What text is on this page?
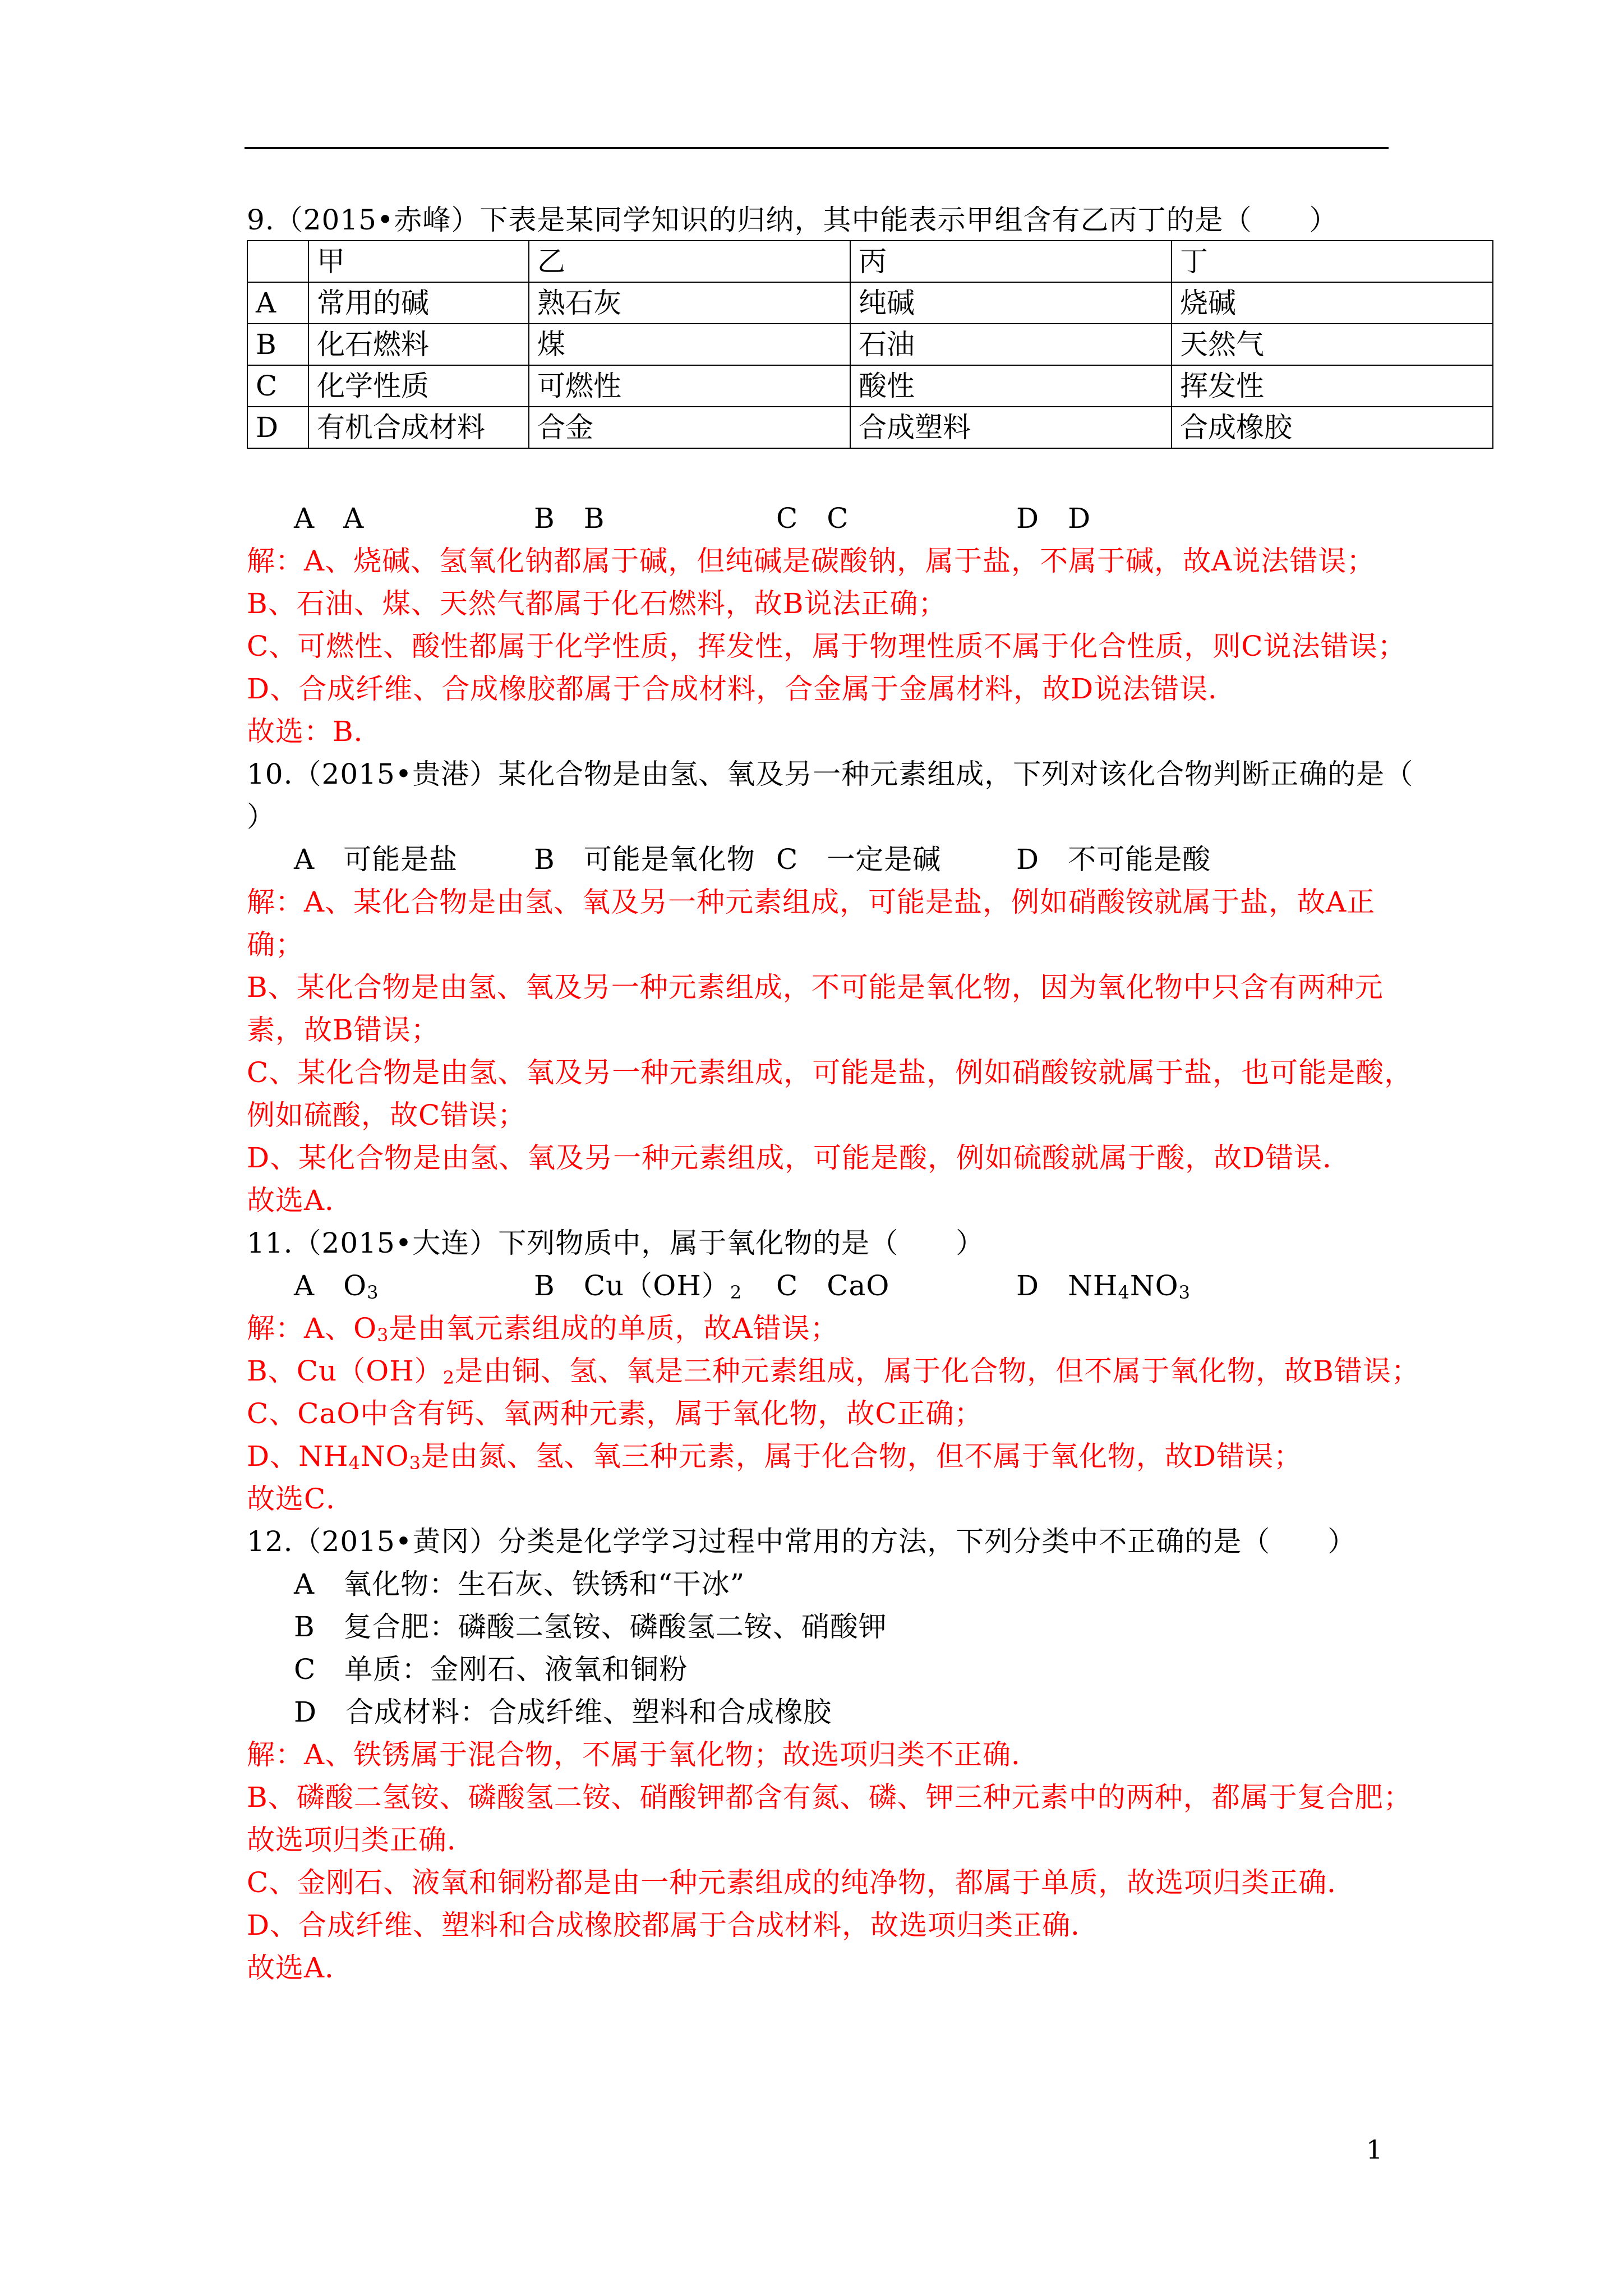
9.（2015•赤峰）下表是某同学知识的归纳，其中能表示甲组含有乙丙丁的是（　　）
	甲	乙	丙	丁
A	常用的碱	熟石灰	纯碱	烧碱
B	化石燃料	煤	石油	天然气
C	化学性质	可燃性	酸性	挥发性
D	有机合成材料	合金	合成塑料	合成橡胶
A　A	B　B	C　C	D　D
解：A、烧碱、氢氧化钠都属于碱，但纯碱是碳酸钠，属于盐，不属于碱，故A说法错误；
B、石油、煤、天然气都属于化石燃料，故B说法正确；
C、可燃性、酸性都属于化学性质，挥发性，属于物理性质不属于化合性质，则C说法错误；
D、合成纤维、合成橡胶都属于合成材料，合金属于金属材料，故D说法错误．
故选：B．
10.（2015•贵港）某化合物是由氢、氧及另一种元素组成，下列对该化合物判断正确的是（
）
A　可能是盐	B　可能是氧化物 C　一定是碱	D　不可能是酸
解：A、某化合物是由氢、氧及另一种元素组成，可能是盐，例如硝酸铵就属于盐，故A正
确；
B、某化合物是由氢、氧及另一种元素组成，不可能是氧化物，因为氧化物中只含有两种元
素，故B错误；
C、某化合物是由氢、氧及另一种元素组成，可能是盐，例如硝酸铵就属于盐，也可能是酸，
例如硫酸，故C错误；
D、某化合物是由氢、氧及另一种元素组成，可能是酸，例如硫酸就属于酸，故D错误．
故选A．
11.（2015•大连）下列物质中，属于氧化物的是（　　）
A　 $O_3$	B　 $Cu(OH)_2$ C　 CaO	D　 $NH_4NO_3$
解：A、$O_3$是由氧元素组成的单质，故A错误；
B、$Cu(OH)_2$是由铜、氢、氧是三种元素组成，属于化合物，但不属于氧化物，故B错误；
C、CaO中含有钙、氧两种元素，属于氧化物，故C正确；
D、$NH_4NO_3$是由氮、氢、氧三种元素，属于化合物，但不属于氧化物，故D错误；
故选C．
12.（2015•黄冈）分类是化学学习过程中常用的方法，下列分类中不正确的是（　　）
A　氧化物：生石灰、铁锈和“干冰”
B　复合肥：磷酸二氢铵、磷酸氢二铵、硝酸钾
C　单质：金刚石、液氧和铜粉
D　合成材料：合成纤维、塑料和合成橡胶
解：A、铁锈属于混合物，不属于氧化物；故选项归类不正确．
B、磷酸二氢铵、磷酸氢二铵、硝酸钾都含有氮、磷、钾三种元素中的两种，都属于复合肥；
故选项归类正确．
C、金刚石、液氧和铜粉都是由一种元素组成的纯净物，都属于单质，故选项归类正确．
D、合成纤维、塑料和合成橡胶都属于合成材料，故选项归类正确．
故选A．
1
